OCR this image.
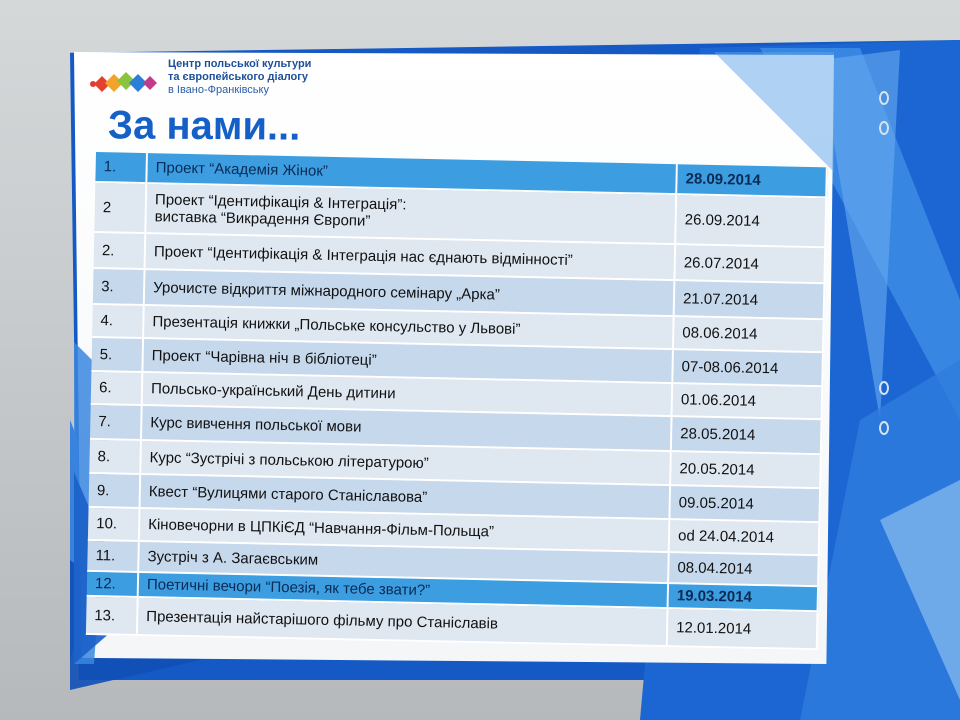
Центр польської культури
та європейського діалогу
в Івано-Франківську
За нами...
1.	Проект “Академія Жінок”	28.09.2014
2	Проект “Ідентифікація & Інтеграція”:
виставка “Викрадення Європи”	26.09.2014
2.	Проект “Ідентифікація & Інтеграція нас єднають відмінності”	26.07.2014
3.	Урочисте відкриття міжнародного семінару „Арка”	21.07.2014
4.	Презентація книжки „Польське консульство у Львові”	08.06.2014
5.	Проект “Чарівна ніч в бібліотеці”	07-08.06.2014
6.	Польсько-український День дитини	01.06.2014
7.	Курс вивчення польської мови	28.05.2014
8.	Курс “Зустрічі з польською літературою”	20.05.2014
9.	Квест “Вулицями старого Станіславова”	09.05.2014
10.	Кіновечорни в ЦПКіЄД “Навчання-Фільм-Польща”	od 24.04.2014
11.	Зустріч з А. Загаєвським	08.04.2014
12.	Поетичні вечори “Поезія, як тебе звати?”	19.03.2014
13.	Презентація найстарішого фільму про Станіславів	12.01.2014
